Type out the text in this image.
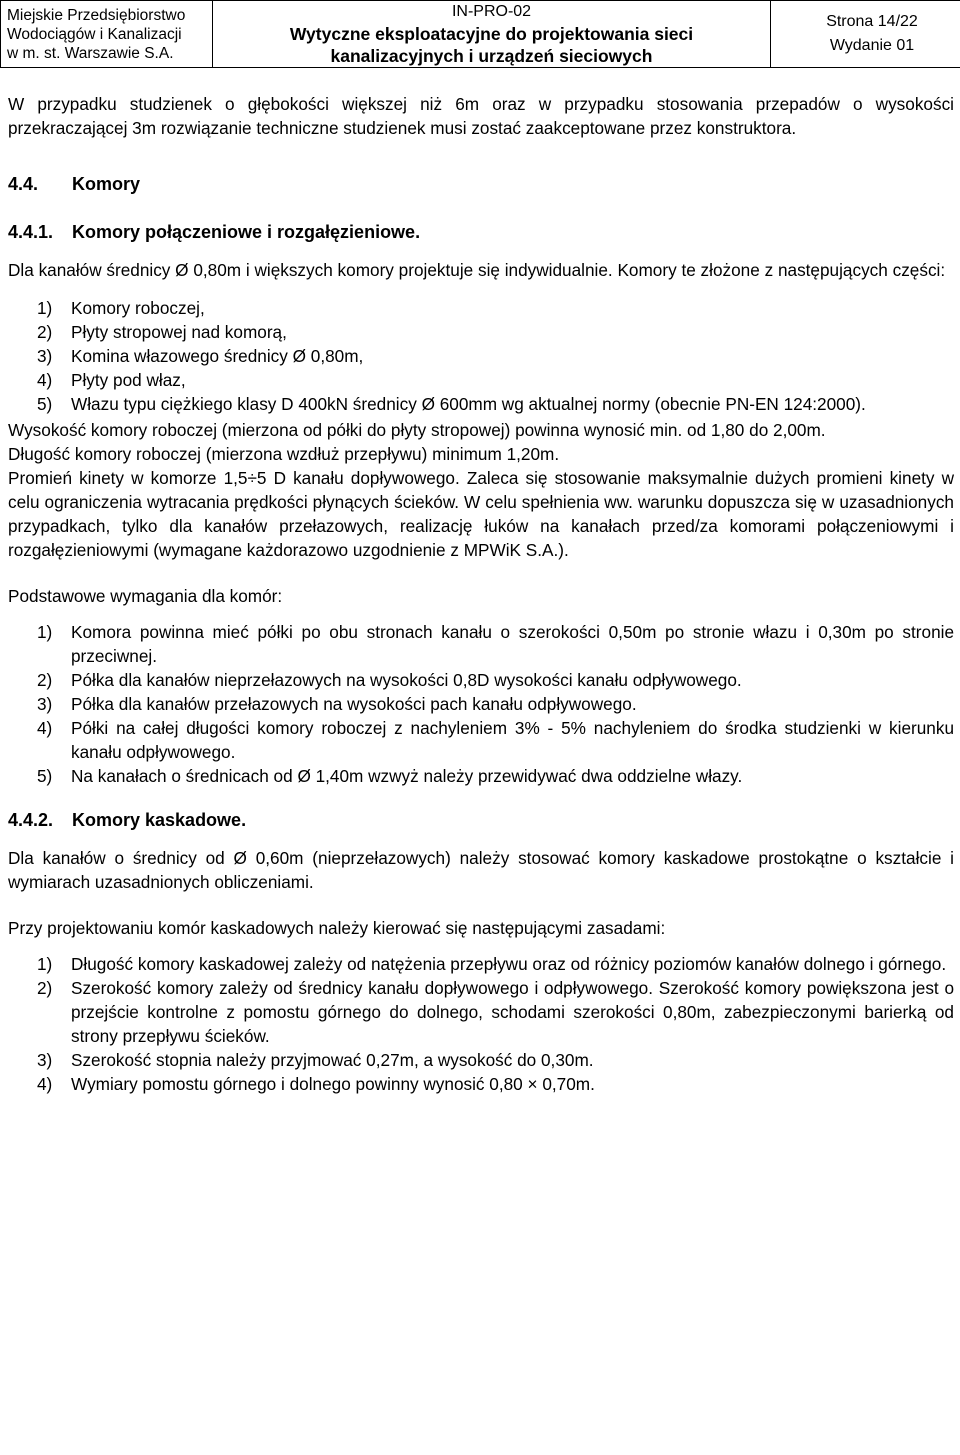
Miejskie Przedsiębiorstwo
Wodociągów i Kanalizacji
w m. st. Warszawie S.A.

IN-PRO-02
Wytyczne eksploatacyjne do projektowania sieci
kanalizacyjnych i urządzeń sieciowych

Strona 14/22
Wydanie 01

W przypadku studzienek o głębokości większej niż 6m oraz w przypadku stosowania przepadów o wysokości przekraczającej 3m rozwiązanie techniczne studzienek musi zostać zaakceptowane przez konstruktora.

4.4.	Komory
4.4.1.	Komory połączeniowe i rozgałęzieniowe.

Dla kanałów średnicy Ø 0,80m i większych komory projektuje się indywidualnie. Komory te złożone z następujących części:

1)	Komory roboczej,
2)	Płyty stropowej nad komorą,
3)	Komina włazowego średnicy Ø 0,80m,
4)	Płyty pod właz,
5)	Włazu typu ciężkiego klasy D 400kN średnicy Ø 600mm wg aktualnej normy (obecnie PN-EN 124:2000).

Wysokość komory roboczej (mierzona od półki do płyty stropowej) powinna wynosić min. od 1,80 do 2,00m.

Długość komory roboczej (mierzona wzdłuż przepływu) minimum 1,20m.

Promień kinety w komorze 1,5÷5 D kanału dopływowego. Zaleca się stosowanie maksymalnie dużych promieni kinety w celu ograniczenia wytracania prędkości płynących ścieków. W celu spełnienia ww. warunku dopuszcza się w uzasadnionych przypadkach, tylko dla kanałów przełazowych, realizację łuków na kanałach przed/za komorami połączeniowymi i rozgałęzieniowymi (wymagane każdorazowo uzgodnienie z MPWiK S.A.).

Podstawowe wymagania dla komór:

1)	Komora powinna mieć półki po obu stronach kanału o szerokości 0,50m po stronie włazu i 0,30m po stronie przeciwnej.
2)	Półka dla kanałów nieprzełazowych na wysokości 0,8D wysokości kanału odpływowego.
3)	Półka dla kanałów przełazowych na wysokości pach kanału odpływowego.
4)	Półki na całej długości komory roboczej z nachyleniem 3% - 5% nachyleniem do środka studzienki w kierunku kanału odpływowego.
5)	Na kanałach o średnicach od Ø 1,40m wzwyż należy przewidywać dwa oddzielne włazy.
4.4.2.	Komory kaskadowe.

Dla kanałów o średnicy od Ø 0,60m (nieprzełazowych) należy stosować komory kaskadowe prostokątne o kształcie i wymiarach uzasadnionych obliczeniami.

Przy projektowaniu komór kaskadowych należy kierować się następującymi zasadami:

1)	Długość komory kaskadowej zależy od natężenia przepływu oraz od różnicy poziomów kanałów dolnego i górnego.
2)	Szerokość komory zależy od średnicy kanału dopływowego i odpływowego. Szerokość komory powiększona jest o przejście kontrolne z pomostu górnego do dolnego, schodami szerokości 0,80m, zabezpieczonymi barierką od strony przepływu ścieków.
3)	Szerokość stopnia należy przyjmować 0,27m, a wysokość do 0,30m.
4)	Wymiary pomostu górnego i dolnego powinny wynosić 0,80 × 0,70m.
